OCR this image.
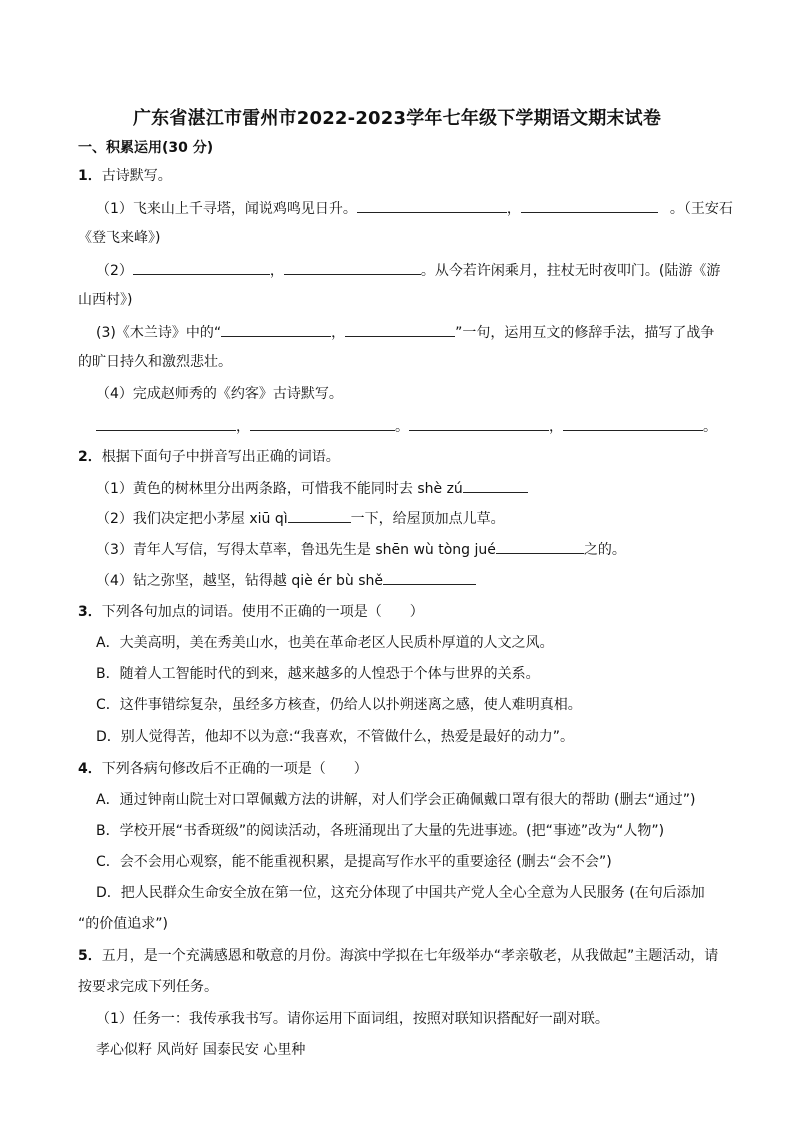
广东省湛江市雷州市2022-2023学年七年级下学期语文期末试卷
一、积累运用(30 分)
1．古诗默写。
（1）飞来山上千寻塔，闻说鸡鸣见日升。	，	。（王安石
《登飞来峰》)
（2）	，	。从今若许闲乘月，拄杖无时夜叩门。(陆游《游
山西村》)
(3)《木兰诗》中的“	，	”一句，运用互文的修辞手法，描写了战争
的旷日持久和激烈悲壮。
（4）完成赵师秀的《约客》古诗默写。
，	。	，	。
2．根据下面句子中拼音写出正确的词语。
（1）黄色的树林里分出两条路，可惜我不能同时去 shè zú
（2）我们决定把小茅屋 xiū qì	一下，给屋顶加点儿草。
（3）青年人写信，写得太草率，鲁迅先生是 shēn wù tòng jué	之的。
（4）钻之弥坚，越坚，钻得越 qiè ér bù shě
3．下列各句加点的词语。使用不正确的一项是（　　）
A．大美高明，美在秀美山水，也美在革命老区人民质朴厚道的人文之风。
B．随着人工智能时代的到来，越来越多的人惶恐于个体与世界的关系。
C．这件事错综复杂，虽经多方核查，仍给人以扑朔迷离之感，使人难明真相。
D．别人觉得苦，他却不以为意:“我喜欢，不管做什么，热爱是最好的动力”。
4．下列各病句修改后不正确的一项是（　　）
A．通过钟南山院士对口罩佩戴方法的讲解，对人们学会正确佩戴口罩有很大的帮助 (删去“通过”)
B．学校开展“书香斑级”的阅读活动，各班涌现出了大量的先进事迹。(把“事迹”改为“人物”)
C．会不会用心观察，能不能重视积累，是提高写作水平的重要途径 (删去“会不会”)
D．把人民群众生命安全放在第一位，这充分体现了中国共产党人全心全意为人民服务 (在句后添加
“的价值追求”)
5．五月，是一个充满感恩和敬意的月份。海滨中学拟在七年级举办“孝亲敬老，从我做起”主题活动，请
按要求完成下列任务。
（1）任务一：我传承我书写。请你运用下面词组，按照对联知识搭配好一副对联。
孝心似籽 风尚好 国泰民安 心里种
